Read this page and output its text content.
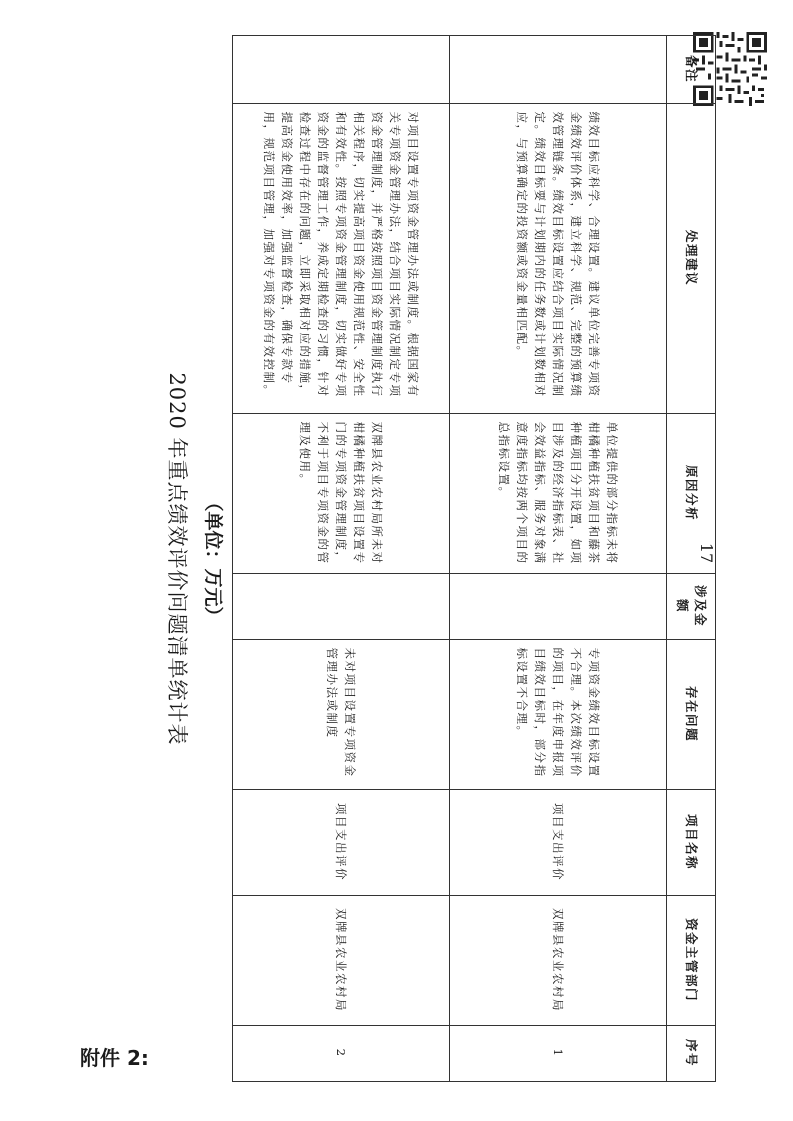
17
2020 年重点绩效评价问题清单统计表 （单位：万元）
2	双牌县农业农村局	项目支出评价	未对项目设置专项资金管理办法或制度		双牌县农业农村局所未对柑橘种植扶贫项目设置专门的专项资金管理制度，不利于项目专项资金的管理及使用。	对项目设置专项资金管理办法或制度。根据国家有关专项资金管理办法，结合项目实际情况制定专项资金管理制度，并严格按照项目资金管理制度执行相关程序，切实提高项目资金使用规范性、安全性和有效性。按照专项资金管理制度，切实做好专项资金的监督管理工作，养成定期检查的习惯，针对检查过程中存在的问题，立即采取相对应的措施，提高资金使用效率，加强监督检查，确保专款专用，规范项目管理，加强对专项资金的有效控制。	
1	双牌县农业农村局	项目支出评价	专项资金绩效目标设置不合理。本次绩效评价的项目，在年度申报项目绩效目标时，部分指标设置不合理。		单位提供的部分指标未将柑橘种植扶贫项目和藤茶种植项目分开设置，如项目涉及的经济指标表、社会效益指标、服务对象满意度指标均按两个项目的总指标设置。	绩效目标应科学、合理设置。建议单位完善专项资金绩效评价体系，建立科学、规范、完整的预算绩效管理链条。绩效目标设置应结合项目实际情况制定。绩效目标要与计划期内的任务数或计划数相对应，与预算确定的投资额或资金量相匹配。	
序号	资金主管部门	项目名称	存在问题	涉及金额	原因分析	处理建议	备注
附件 2:
